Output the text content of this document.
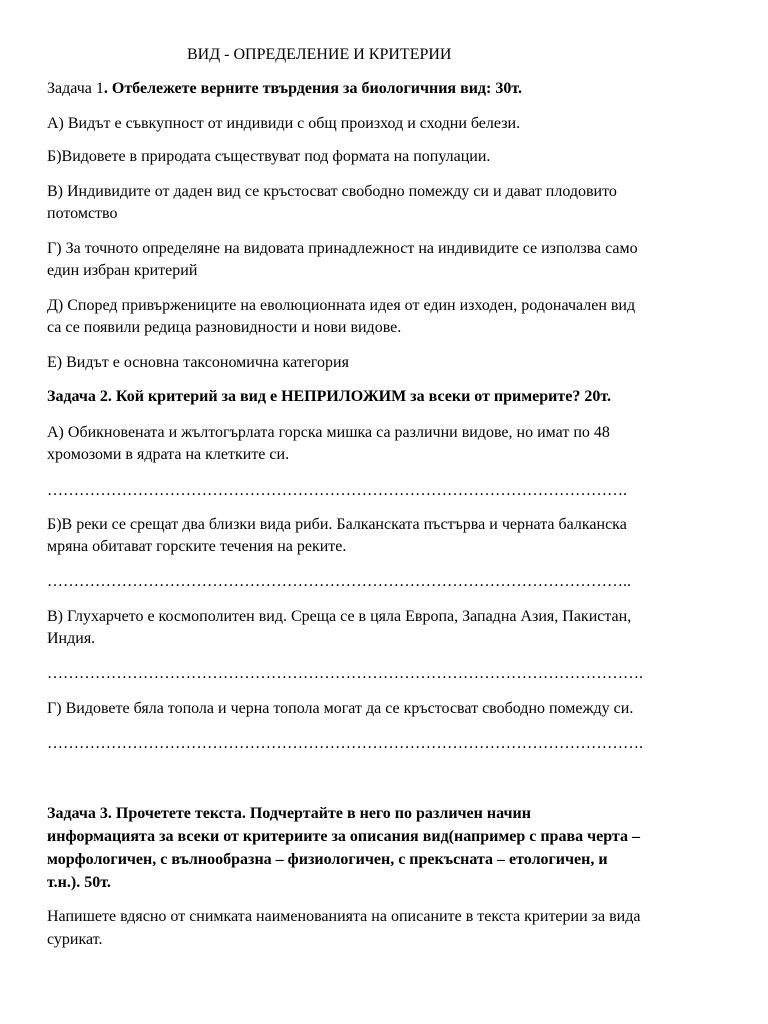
ВИД - ОПРЕДЕЛЕНИЕ И КРИТЕРИИ
Задача 1. Отбележете верните твърдения за биологичния вид: 30т.
А) Видът е съвкупност от индивиди с общ произход и сходни белези.
Б)Видовете в природата съществуват под формата на популации.
В) Индивидите от даден вид се кръстосват свободно помежду си и дават плодовито
потомство
Г) За точното определяне на видовата принадлежност на индивидите се използва само
един избран критерий
Д) Според привържениците на еволюционната идея от един изходен, родоначален вид
са се появили редица разновидности и нови видове.
Е) Видът е основна таксономична категория
Задача 2. Кой критерий за вид е НЕПРИЛОЖИМ за всеки от примерите? 20т.
А) Обикновената и жълтогърлата горска мишка са различни видове, но имат по 48
хромозоми в ядрата на клетките си.
……………………………………………………………………………………………….
Б)В реки се срещат два близки вида риби. Балканската пъстърва и черната балканска
мряна обитават горските течения на реките.
………………………………………………………………………………………………..
В) Глухарчето е космополитен вид. Среща се в цяла Европа, Западна Азия, Пакистан,
Индия.
………………………………………………………………………………………………….
Г) Видовете бяла топола и черна топола могат да се кръстосват свободно помежду си.
………………………………………………………………………………………………….
Задача 3. Прочетете текста. Подчертайте в него по различен начин
информацията за всеки от критериите за описания вид(например с права черта –
морфологичен, с вълнообразна – физиологичен, с прекъсната – етологичен, и
т.н.). 50т.
Напишете вдясно от снимката наименованията на описаните в текста критерии за вида
сурикат.
